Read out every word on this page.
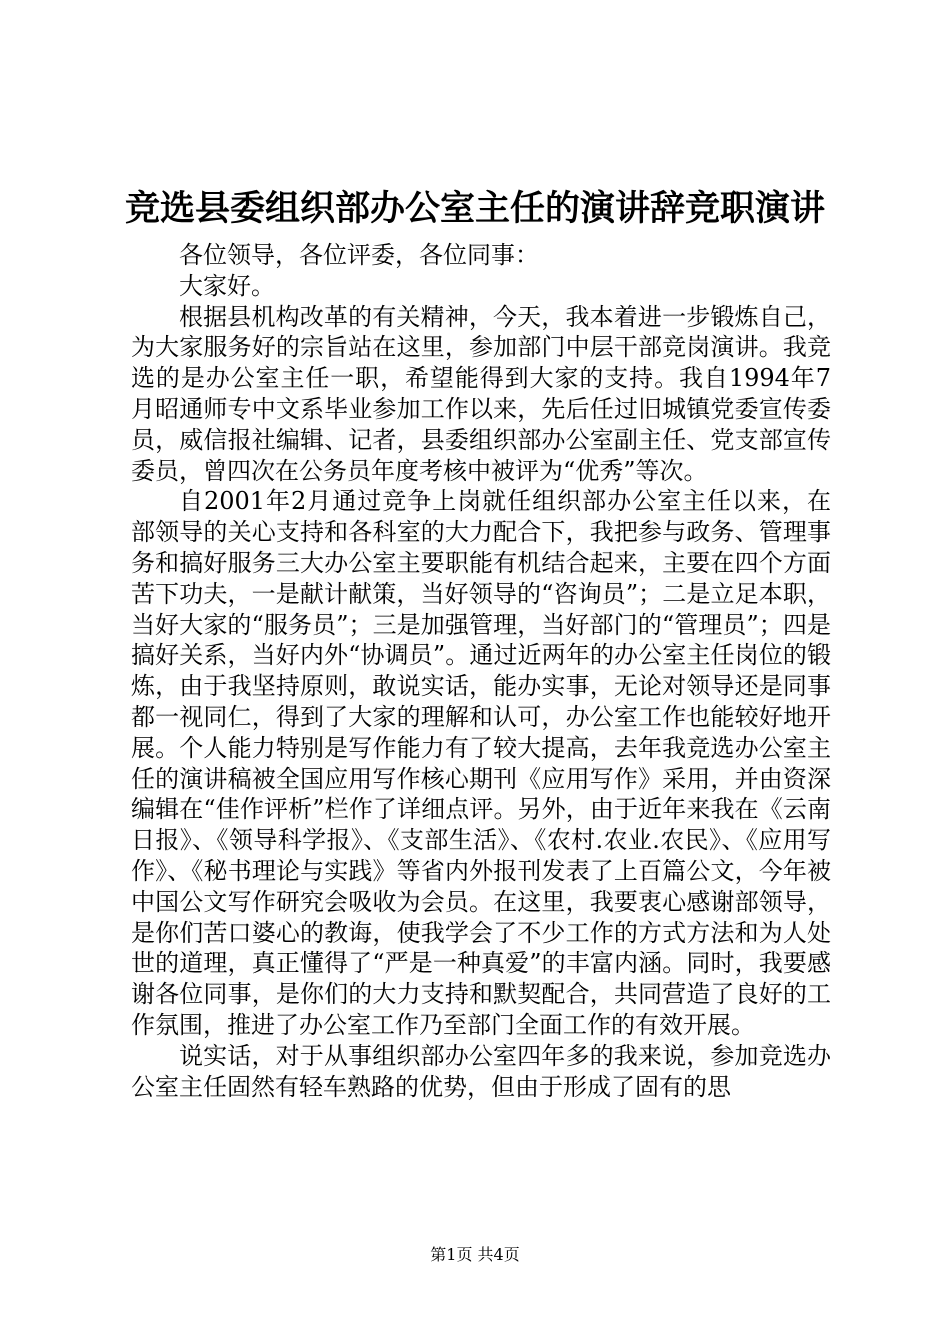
竞选县委组织部办公室主任的演讲辞竞职演讲

各位领导，各位评委，各位同事：

大家好。

根据县机构改革的有关精神，今天，我本着进一步锻炼自己，为大家服务好的宗旨站在这里，参加部门中层干部竞岗演讲。我竞选的是办公室主任一职，希望能得到大家的支持。我自1994年7月昭通师专中文系毕业参加工作以来，先后任过旧城镇党委宣传委员，威信报社编辑、记者，县委组织部办公室副主任、党支部宣传委员，曾四次在公务员年度考核中被评为“优秀”等次。

自2001年2月通过竞争上岗就任组织部办公室主任以来，在部领导的关心支持和各科室的大力配合下，我把参与政务、管理事务和搞好服务三大办公室主要职能有机结合起来，主要在四个方面苦下功夫，一是献计献策，当好领导的“咨询员”；二是立足本职，当好大家的“服务员”；三是加强管理，当好部门的“管理员”；四是搞好关系，当好内外“协调员”。通过近两年的办公室主任岗位的锻炼，由于我坚持原则，敢说实话，能办实事，无论对领导还是同事都一视同仁，得到了大家的理解和认可，办公室工作也能较好地开展。个人能力特别是写作能力有了较大提高，去年我竞选办公室主任的演讲稿被全国应用写作核心期刊《应用写作》采用，并由资深编辑在“佳作评析”栏作了详细点评。另外，由于近年来我在《云南日报》、《领导科学报》、《支部生活》、《农村.农业.农民》、《应用写作》、《秘书理论与实践》等省内外报刊发表了上百篇公文，今年被中国公文写作研究会吸收为会员。在这里，我要衷心感谢部领导，是你们苦口婆心的教诲，使我学会了不少工作的方式方法和为人处世的道理，真正懂得了“严是一种真爱”的丰富内涵。同时，我要感谢各位同事，是你们的大力支持和默契配合，共同营造了良好的工作氛围，推进了办公室工作乃至部门全面工作的有效开展。

说实话，对于从事组织部办公室四年多的我来说，参加竞选办公室主任固然有轻车熟路的优势，但由于形成了固有的思

第1页 共4页
